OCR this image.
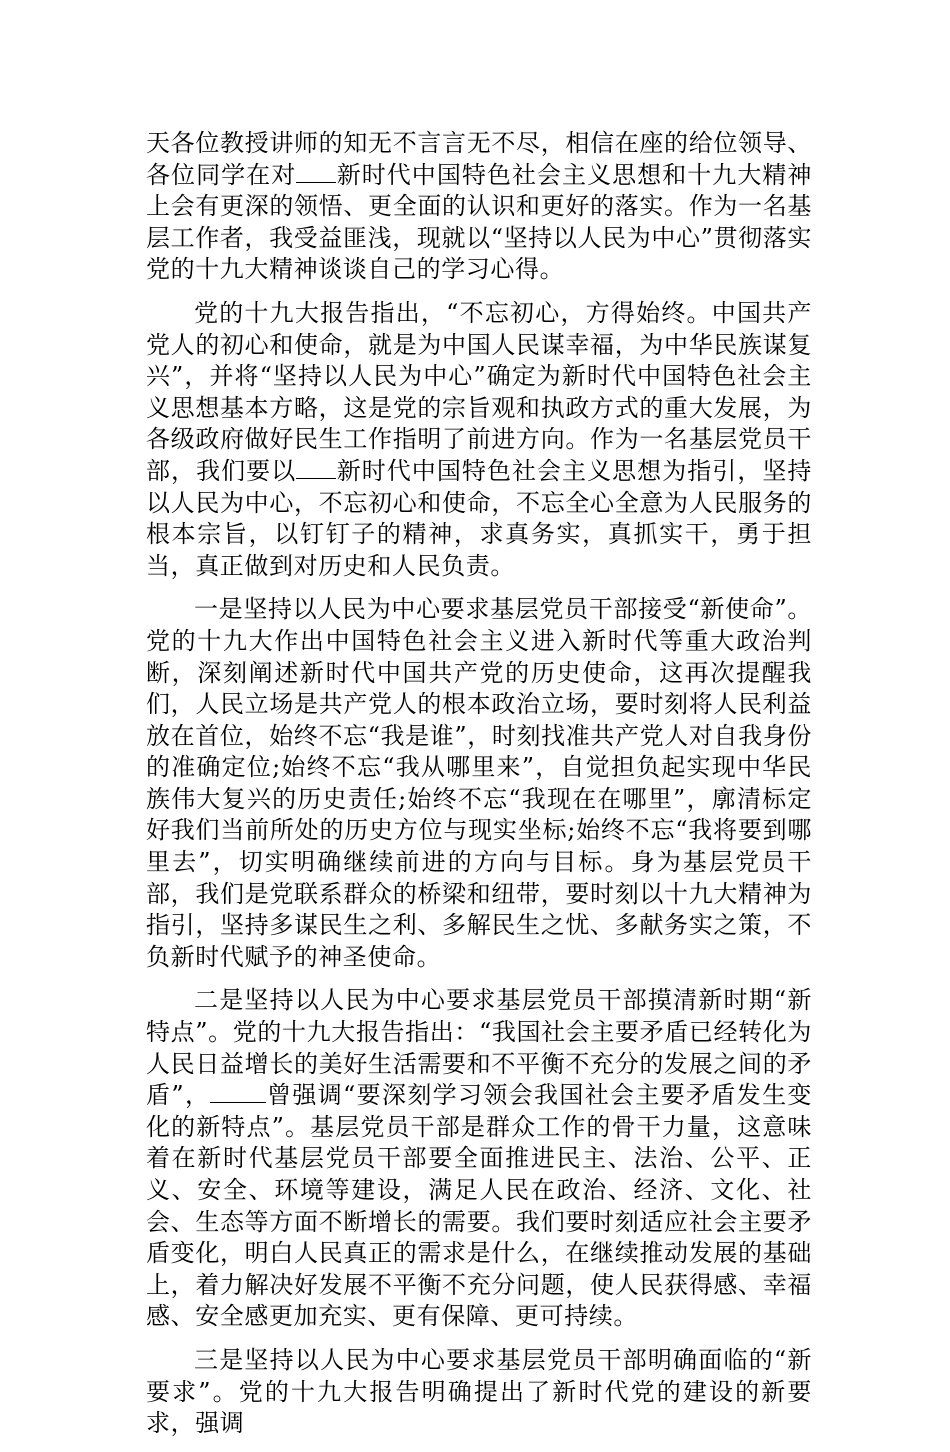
天各位教授讲师的知无不言言无不尽，相信在座的给位领导、各位同学在对 新时代中国特色社会主义思想和十九大精神上会有更深的领悟、更全面的认识和更好的落实。作为一名基层工作者，我受益匪浅，现就以“坚持以人民为中心”贯彻落实党的十九大精神谈谈自己的学习心得。

党的十九大报告指出，“不忘初心，方得始终。中国共产党人的初心和使命，就是为中国人民谋幸福，为中华民族谋复兴”，并将“坚持以人民为中心”确定为新时代中国特色社会主义思想基本方略，这是党的宗旨观和执政方式的重大发展，为各级政府做好民生工作指明了前进方向。作为一名基层党员干部，我们要以 新时代中国特色社会主义思想为指引，坚持以人民为中心，不忘初心和使命，不忘全心全意为人民服务的根本宗旨，以钉钉子的精神，求真务实，真抓实干，勇于担当，真正做到对历史和人民负责。

一是坚持以人民为中心要求基层党员干部接受“新使命”。党的十九大作出中国特色社会主义进入新时代等重大政治判断，深刻阐述新时代中国共产党的历史使命，这再次提醒我们，人民立场是共产党人的根本政治立场，要时刻将人民利益放在首位，始终不忘“我是谁”，时刻找准共产党人对自我身份的准确定位;始终不忘“我从哪里来”，自觉担负起实现中华民族伟大复兴的历史责任;始终不忘“我现在在哪里”，廓清标定好我们当前所处的历史方位与现实坐标;始终不忘“我将要到哪里去”，切实明确继续前进的方向与目标。身为基层党员干部，我们是党联系群众的桥梁和纽带，要时刻以十九大精神为指引，坚持多谋民生之利、多解民生之忧、多献务实之策，不负新时代赋予的神圣使命。

二是坚持以人民为中心要求基层党员干部摸清新时期“新特点”。党的十九大报告指出：“我国社会主要矛盾已经转化为人民日益增长的美好生活需要和不平衡不充分的发展之间的矛盾”， 曾强调“要深刻学习领会我国社会主要矛盾发生变化的新特点”。基层党员干部是群众工作的骨干力量，这意味着在新时代基层党员干部要全面推进民主、法治、公平、正义、安全、环境等建设，满足人民在政治、经济、文化、社会、生态等方面不断增长的需要。我们要时刻适应社会主要矛盾变化，明白人民真正的需求是什么，在继续推动发展的基础上，着力解决好发展不平衡不充分问题，使人民获得感、幸福感、安全感更加充实、更有保障、更可持续。

三是坚持以人民为中心要求基层党员干部明确面临的“新要求”。党的十九大报告明确提出了新时代党的建设的新要求，强调
